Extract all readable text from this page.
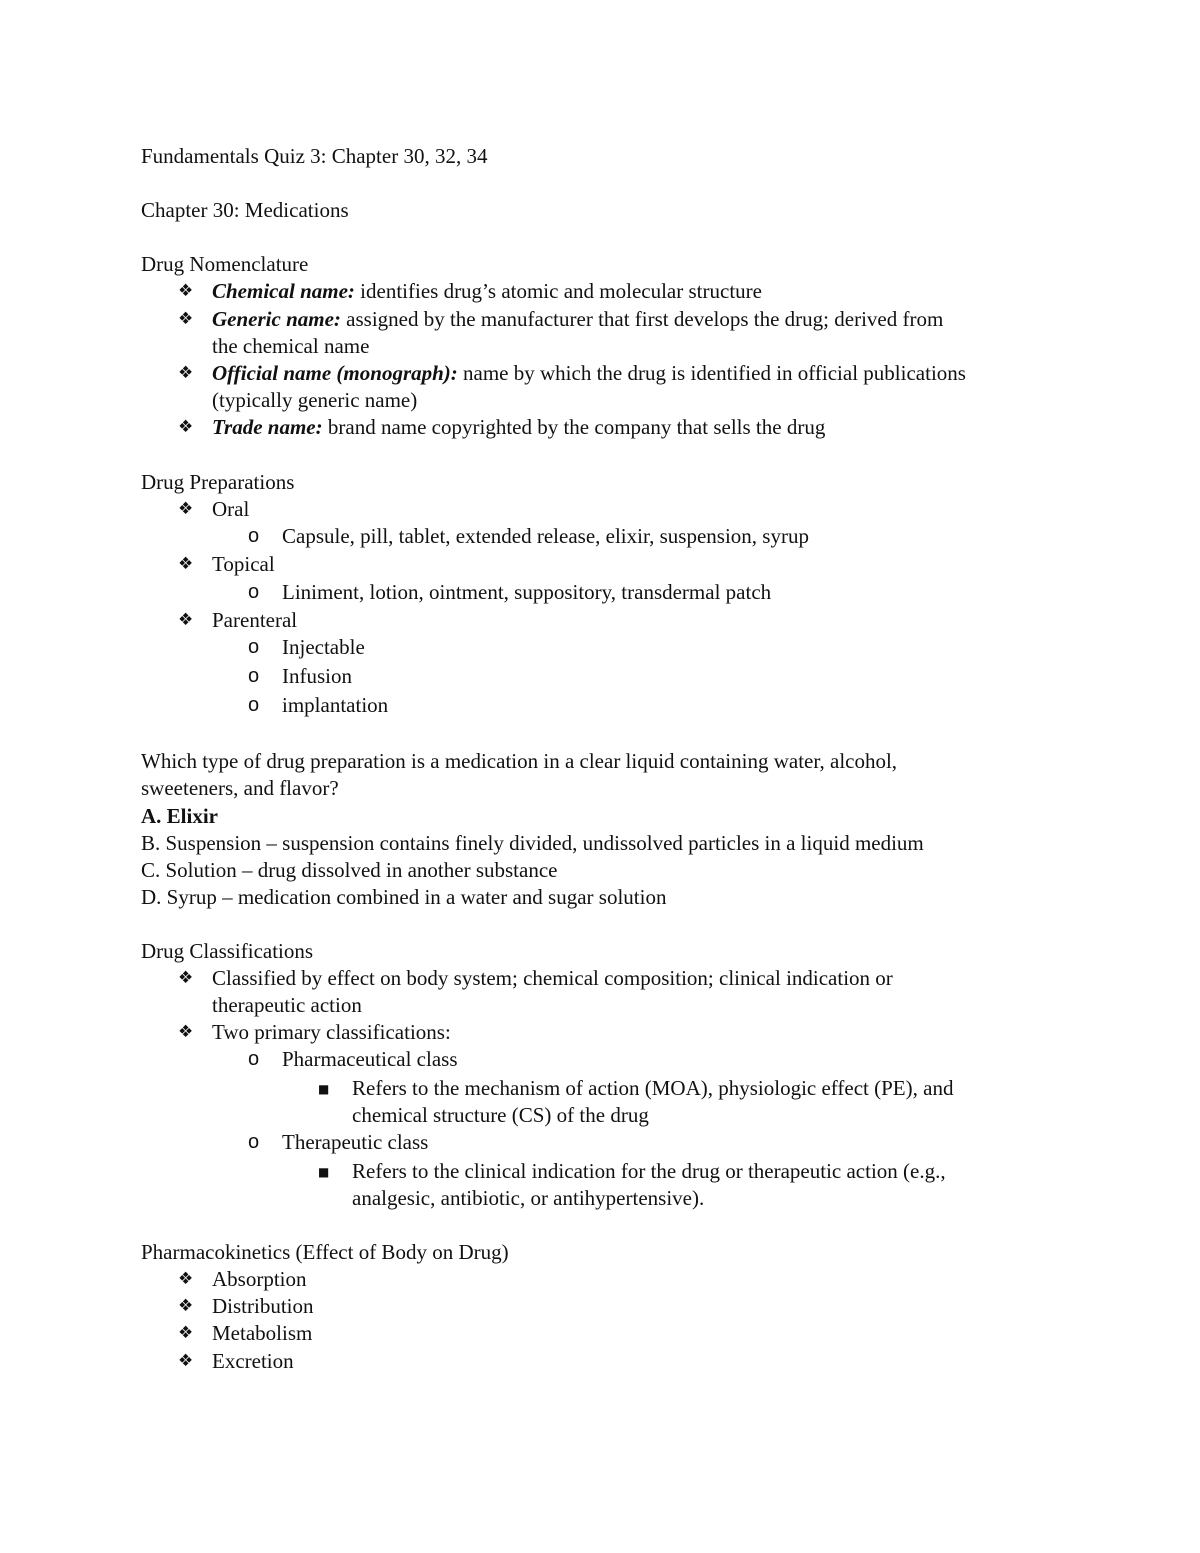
Fundamentals Quiz 3: Chapter 30, 32, 34
Chapter 30: Medications
Drug Nomenclature
❖ Chemical name: identifies drug’s atomic and molecular structure
❖ Generic name: assigned by the manufacturer that first develops the drug; derived from
the chemical name
❖ Official name (monograph): name by which the drug is identified in official publications
(typically generic name)
❖ Trade name: brand name copyrighted by the company that sells the drug
Drug Preparations
❖ Oral
o Capsule, pill, tablet, extended release, elixir, suspension, syrup
❖ Topical
o Liniment, lotion, ointment, suppository, transdermal patch
❖ Parenteral
o Injectable
o Infusion
o implantation
Which type of drug preparation is a medication in a clear liquid containing water, alcohol,
sweeteners, and flavor?
A. Elixir
B. Suspension – suspension contains finely divided, undissolved particles in a liquid medium
C. Solution – drug dissolved in another substance
D. Syrup – medication combined in a water and sugar solution
Drug Classifications
❖ Classified by effect on body system; chemical composition; clinical indication or
therapeutic action
❖ Two primary classifications:
o Pharmaceutical class
■ Refers to the mechanism of action (MOA), physiologic effect (PE), and
chemical structure (CS) of the drug
o Therapeutic class
■ Refers to the clinical indication for the drug or therapeutic action (e.g.,
analgesic, antibiotic, or antihypertensive).
Pharmacokinetics (Effect of Body on Drug)
❖ Absorption
❖ Distribution
❖ Metabolism
❖ Excretion
